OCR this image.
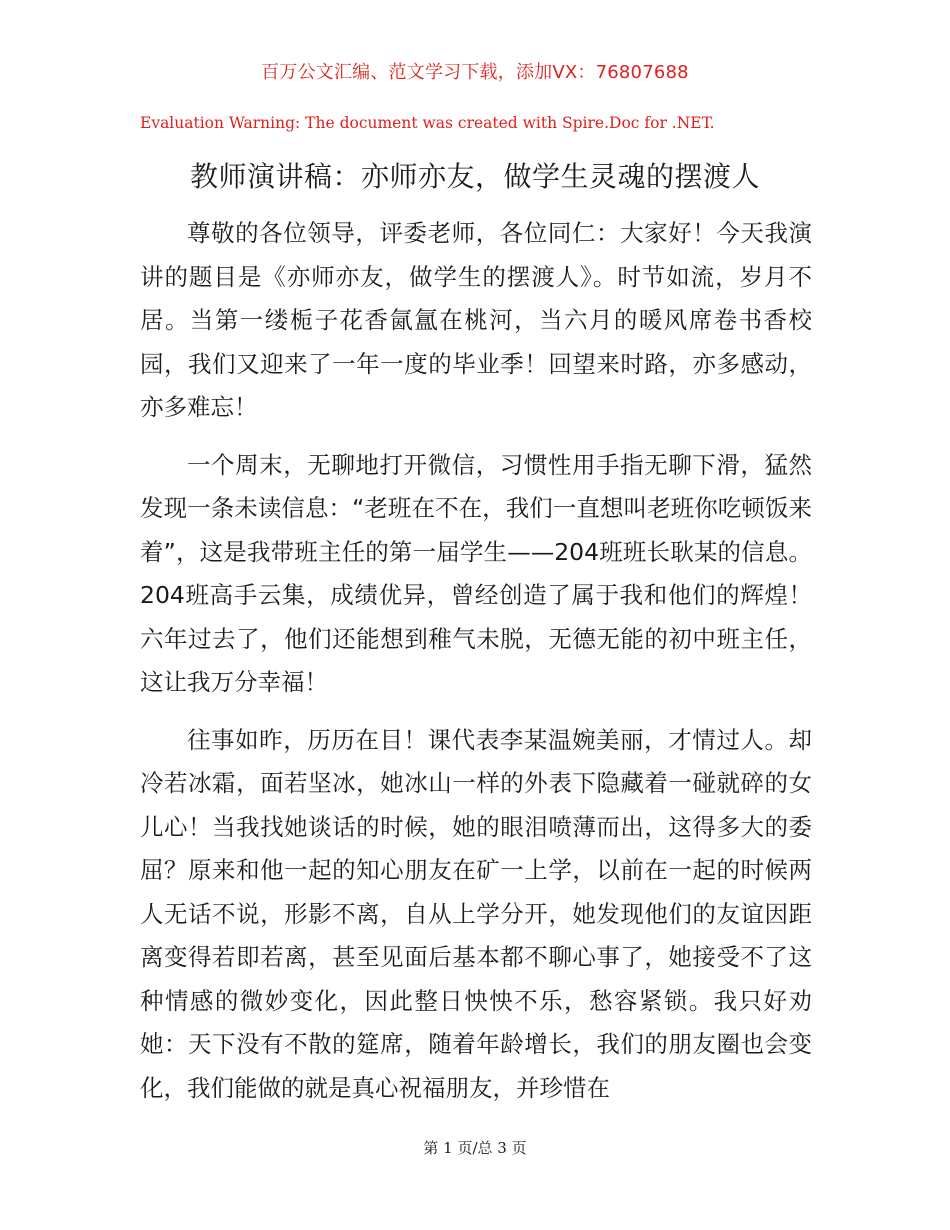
百万公文汇编、范文学习下载，添加VX：76807688
Evaluation Warning: The document was created with Spire.Doc for .NET.
教师演讲稿：亦师亦友，做学生灵魂的摆渡人

尊敬的各位领导，评委老师，各位同仁：大家好！今天我演讲的题目是《亦师亦友，做学生的摆渡人》。时节如流，岁月不居。当第一缕栀子花香氤氲在桃河，当六月的暖风席卷书香校园，我们又迎来了一年一度的毕业季！回望来时路，亦多感动，亦多难忘！

一个周末，无聊地打开微信，习惯性用手指无聊下滑，猛然发现一条未读信息：“老班在不在，我们一直想叫老班你吃顿饭来着”，这是我带班主任的第一届学生——204班班长耿某的信息。204班高手云集，成绩优异，曾经创造了属于我和他们的辉煌！六年过去了，他们还能想到稚气未脱，无德无能的初中班主任，这让我万分幸福！

往事如昨，历历在目！课代表李某温婉美丽，才情过人。却冷若冰霜，面若坚冰，她冰山一样的外表下隐藏着一碰就碎的女儿心！当我找她谈话的时候，她的眼泪喷薄而出，这得多大的委屈？原来和他一起的知心朋友在矿一上学，以前在一起的时候两人无话不说，形影不离，自从上学分开，她发现他们的友谊因距离变得若即若离，甚至见面后基本都不聊心事了，她接受不了这种情感的微妙变化，因此整日怏怏不乐，愁容紧锁。我只好劝她：天下没有不散的筵席，随着年龄增长，我们的朋友圈也会变化，我们能做的就是真心祝福朋友，并珍惜在

第 1 页/总 3 页
